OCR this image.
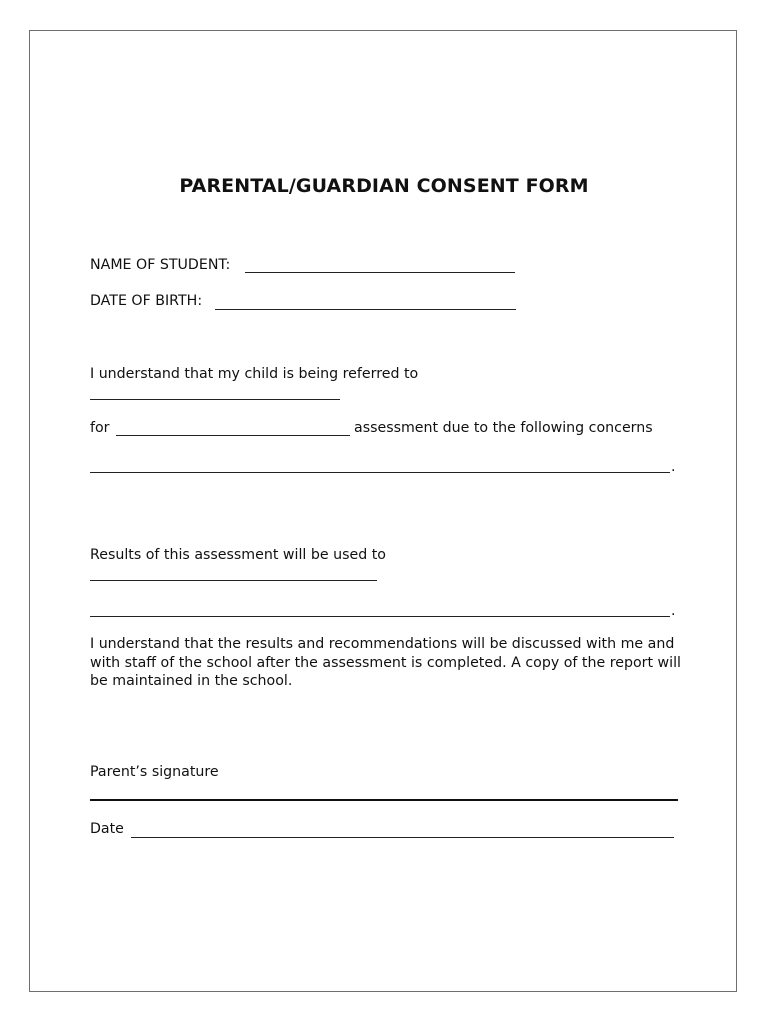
PARENTAL/GUARDIAN CONSENT FORM
NAME OF STUDENT:
DATE OF BIRTH:
I understand that my child is being referred to
for	assessment due to the following concerns
.
Results of this assessment will be used to
.

I understand that the results and recommendations will be discussed with me and with staff of the school after the assessment is completed. A copy of the report will be maintained in the school.

Parent’s signature
Date
